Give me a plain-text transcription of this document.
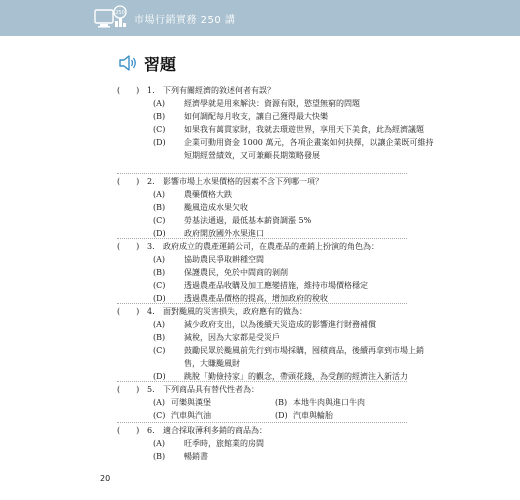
250
市場行銷實務 250 講
習題
(　　) 1. 下列有關經濟的敘述何者有誤？
(A) 經濟學就是用來解決：資源有限，慾望無窮的問題
(B) 如何調配每月收支，讓自己獲得最大快樂
(C) 如果我有萬貫家財，我就去環遊世界，享用天下美食，此為經濟議題
(D) 企業可動用資金 1000 萬元，各項企畫案如何抉擇，以讓企業既可維持短期經營績效，又可兼顧長期策略發展
(　　) 2. 影響市場上水果價格的因素不含下列哪一項？
(A) 農藥價格大跌
(B) 颱風造成水果欠收
(C) 勞基法通過，最低基本薪資調漲 5%
(D) 政府開放國外水果進口
(　　) 3. 政府成立的農產運銷公司，在農產品的產銷上扮演的角色為：
(A) 協助農民爭取耕種空間
(B) 保護農民，免於中間商的剝削
(C) 透過農產品收購及加工應變措施，維持市場價格穩定
(D) 透過農產品價格的提高，增加政府的稅收
(　　) 4. 面對颱風的災害損失，政府應有的做為：
(A) 減少政府支出，以為後續天災造成的影響進行財務補償
(B) 減稅，因為大家都是受災戶
(C) 鼓勵民眾於颱風前先行到市場採購，囤積商品，後續再拿到市場上銷售，大賺颱風財
(D) 跳脫「勤儉持家」的觀念，帶頭花錢，為受創的經濟注入新活力
(　　) 5. 下列商品具有替代性者為：
(A) 可樂與漢堡	(B) 本地牛肉與進口牛肉
(C) 汽車與汽油	(D) 汽車與輪胎
(　　) 6. 適合採取薄利多銷的商品為：
(A) 旺季時，旅館業的房間
(B) 暢銷書
20
